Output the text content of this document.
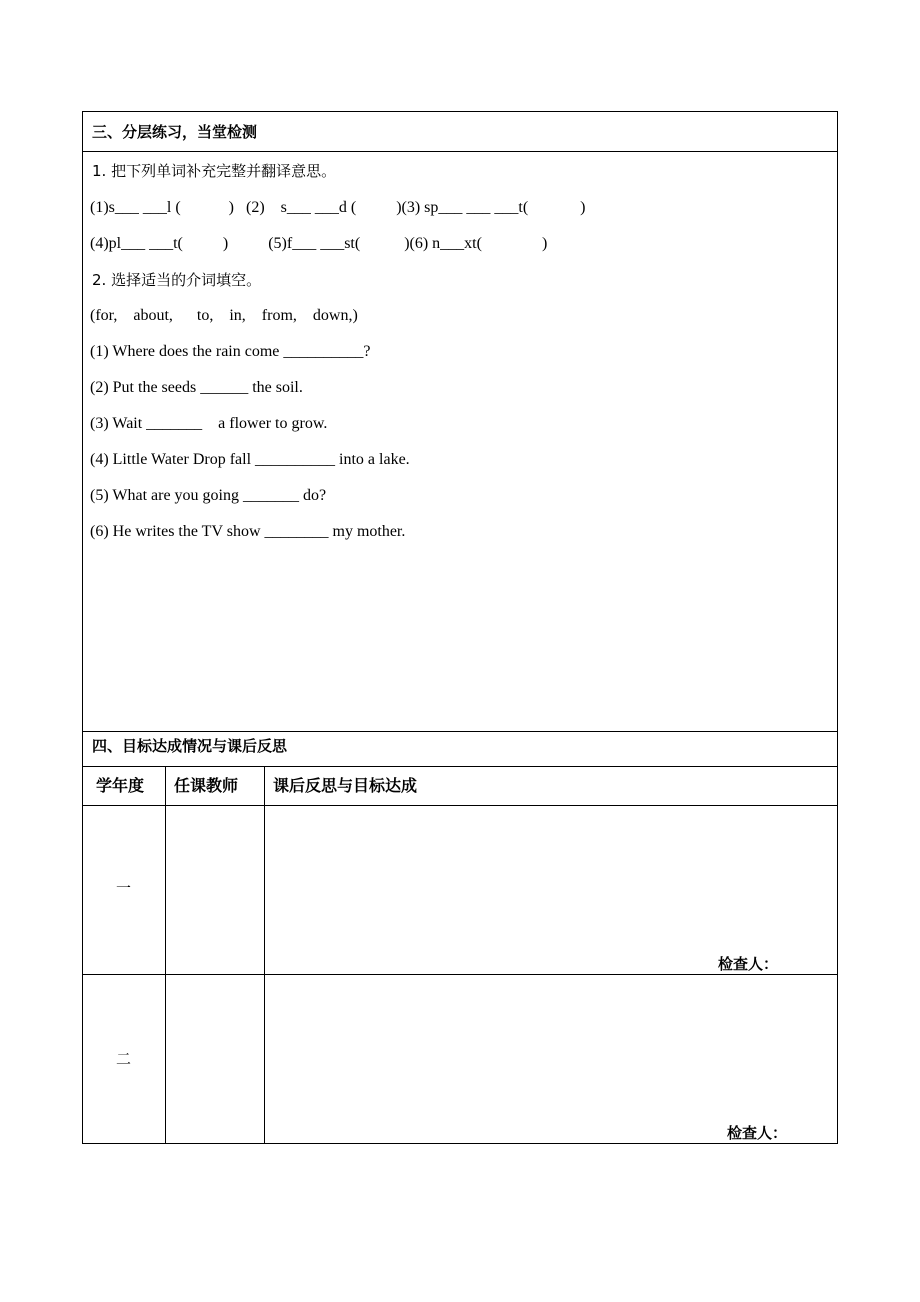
三、分层练习，当堂检测
1. 把下列单词补充完整并翻译意思。
(1)s___ ___l (            )   (2)    s___ ___d (          )(3) sp___ ___ ___t(             )
(4)pl___ ___t(          )          (5)f___ ___st(           )(6) n___xt(               )
2. 选择适当的介词填空。
(for,    about,      to,    in,    from,    down,)
(1) Where does the rain come __________?
(2) Put the seeds ______ the soil.
(3) Wait _______    a flower to grow.
(4) Little Water Drop fall __________ into a lake.
(5) What are you going _______ do?
(6) He writes the TV show ________ my mother.
四、目标达成情况与课后反思
学年度 任课教师 课后反思与目标达成
一
检查人：
二
检查人：
